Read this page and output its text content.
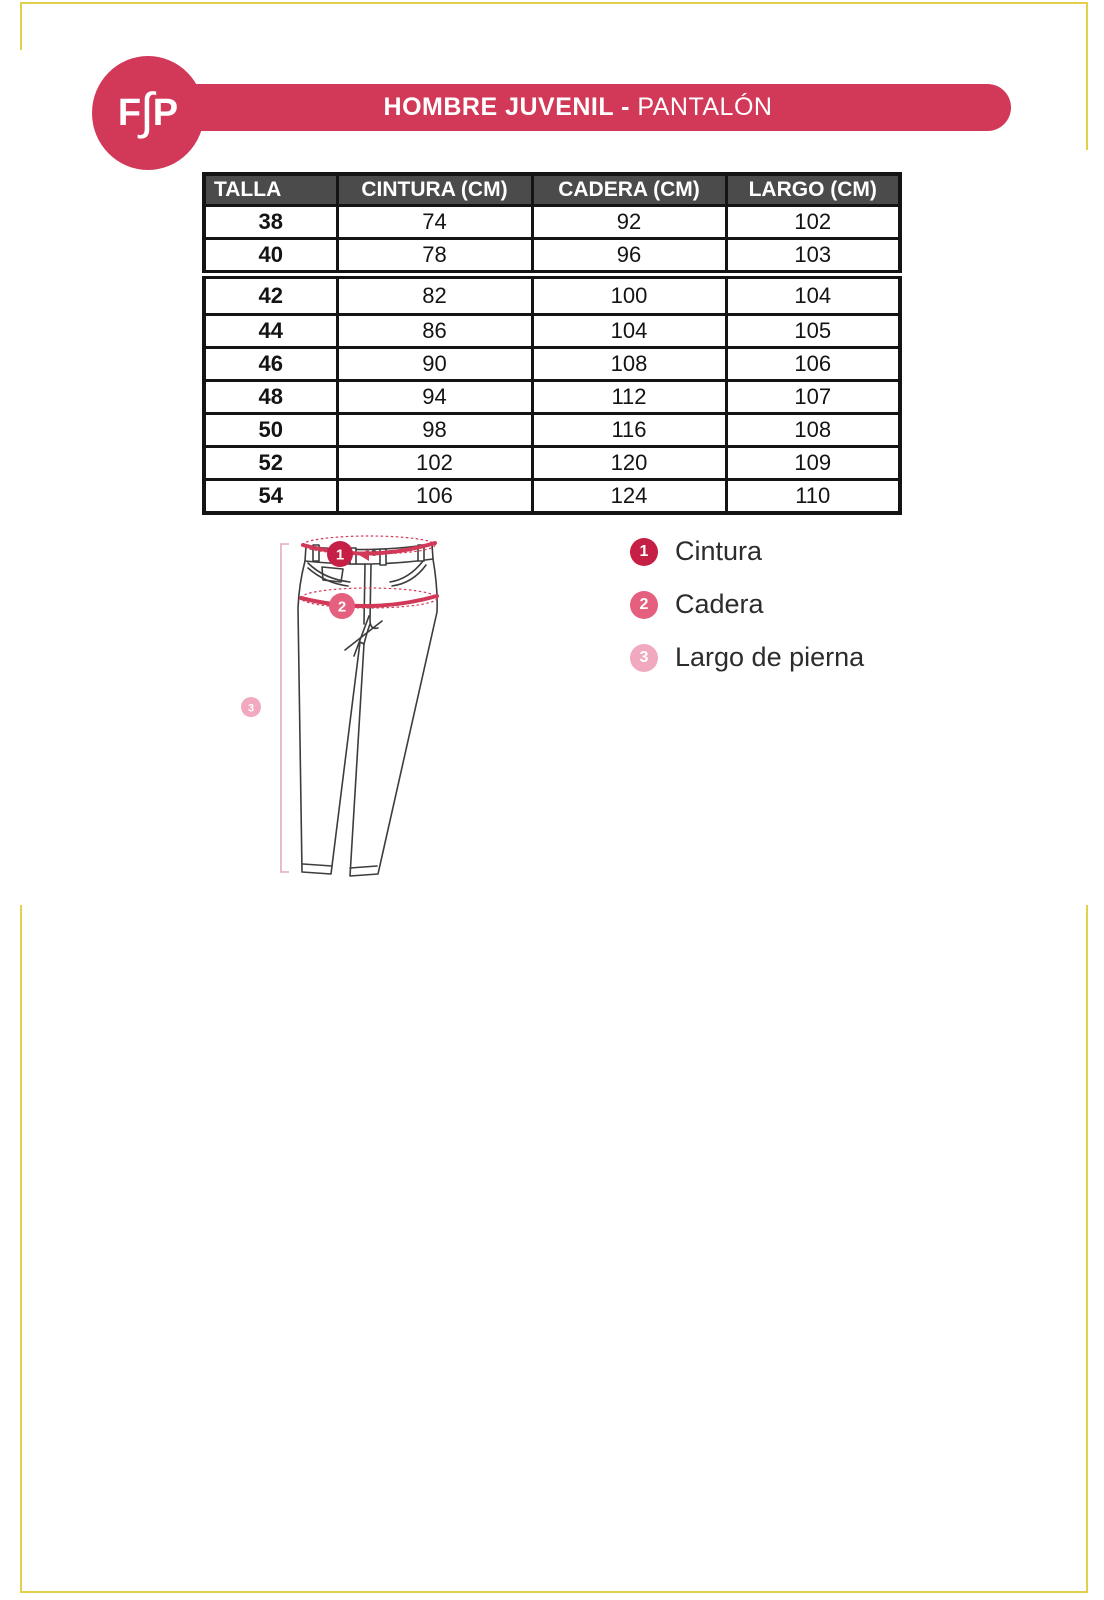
HOMBRE JUVENIL - PANTALÓN
F ∫ P
TALLA	CINTURA (CM)	CADERA (CM)	LARGO (CM)
38	74	92	102
40	78	96	103
42	82	100	104
44	86	104	105
46	90	108	106
48	94	112	107
50	98	116	108
52	102	120	109
54	106	124	110
1
2
3
1 Cintura
2 Cadera
3 Largo de pierna
